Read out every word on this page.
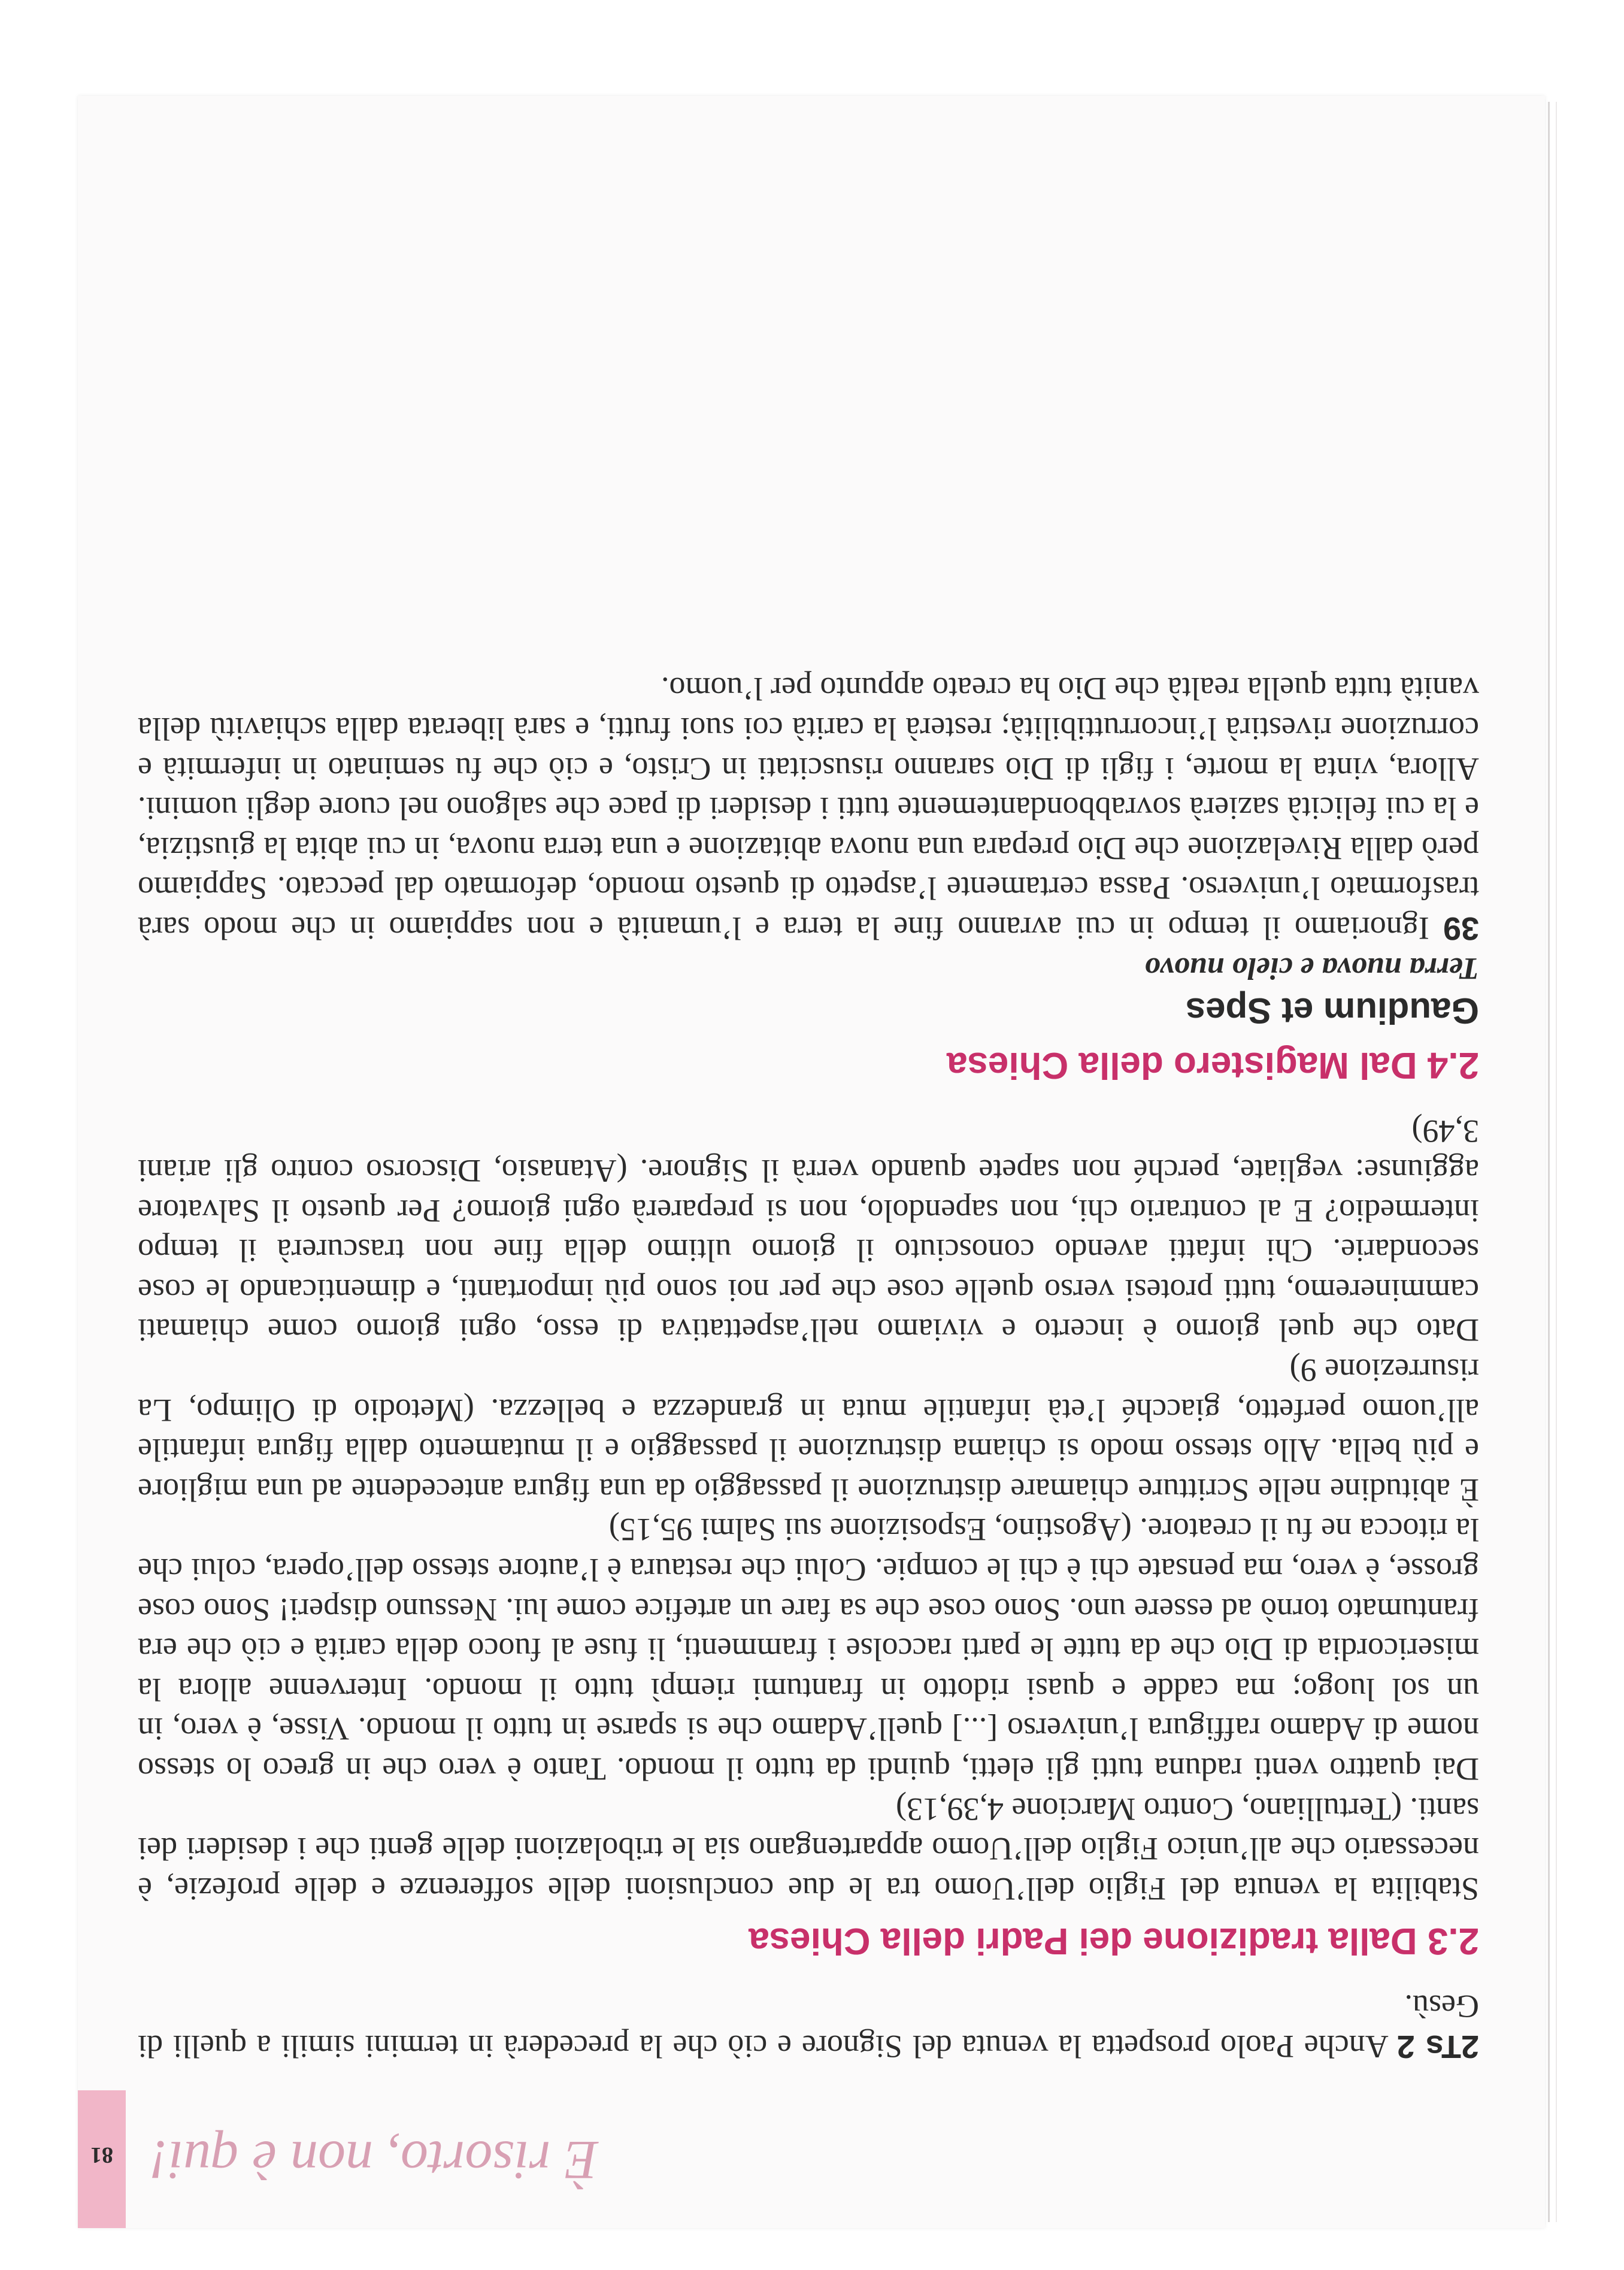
È risorto, non è qui!
81

2Ts 2 Anche Paolo prospetta la venuta del Signore e ciò che la precederà in termini simili a quelli di Gesù.

2.3 Dalla tradizione dei Padri della Chiesa

Stabilita la venuta del Figlio dell’Uomo tra le due conclusioni delle sofferenze e delle profezie, è necessario che all’unico Figlio dell’Uomo appartengano sia le tribolazioni delle genti che i desideri dei santi. (Tertulliano, Contro Marcione 4,39,13)

Dai quattro venti raduna tutti gli eletti, quindi da tutto il mondo. Tanto è vero che in greco lo stesso nome di Adamo raffigura l’universo [...] quell’Adamo che si sparse in tutto il mondo. Visse, è vero, in un sol luogo; ma cadde e quasi ridotto in frantumi riempì tutto il mondo. Intervenne allora la misericordia di Dio che da tutte le parti raccolse i frammenti, li fuse al fuoco della carità e ciò che era frantumato tornò ad essere uno. Sono cose che sa fare un artefice come lui. Nessuno disperi! Sono cose grosse, è vero, ma pensate chi è chi le compie. Colui che restaura è l’autore stesso dell’opera, colui che la ritocca ne fu il creatore. (Agostino, Esposizione sui Salmi 95,15)

È abitudine nelle Scritture chiamare distruzione il passaggio da una figura antecedente ad una migliore e più bella. Allo stesso modo si chiama distruzione il passaggio e il mutamento dalla figura infantile all’uomo perfetto, giacché l’età infantile muta in grandezza e bellezza. (Metodio di Olimpo, La risurrezione 9)

Dato che quel giorno è incerto e viviamo nell’aspettativa di esso, ogni giorno come chiamati cammineremo, tutti protesi verso quelle cose che per noi sono più importanti, e dimenticando le cose secondarie. Chi infatti avendo conosciuto il giorno ultimo della fine non trascurerà il tempo intermedio? E al contrario chi, non sapendolo, non si preparerà ogni giorno? Per questo il Salvatore aggiunse: vegliate, perché non sapete quando verrà il Signore. (Atanasio, Discorso contro gli ariani 3,49)

2.4 Dal Magistero della Chiesa
Gaudium et Spes
Terra nuova e cielo nuovo

39 Ignoriamo il tempo in cui avranno fine la terra e l’umanità e non sappiamo in che modo sarà trasformato l’universo. Passa certamente l’aspetto di questo mondo, deformato dal peccato. Sappiamo però dalla Rivelazione che Dio prepara una nuova abitazione e una terra nuova, in cui abita la giustizia, e la cui felicità sazierà sovrabbondantemente tutti i desideri di pace che salgono nel cuore degli uomini. Allora, vinta la morte, i figli di Dio saranno risuscitati in Cristo, e ciò che fu seminato in infermità e corruzione rivestirà l’incorruttibilità; resterà la carità coi suoi frutti, e sarà liberata dalla schiavitù della vanità tutta quella realtà che Dio ha creato appunto per l’uomo.
